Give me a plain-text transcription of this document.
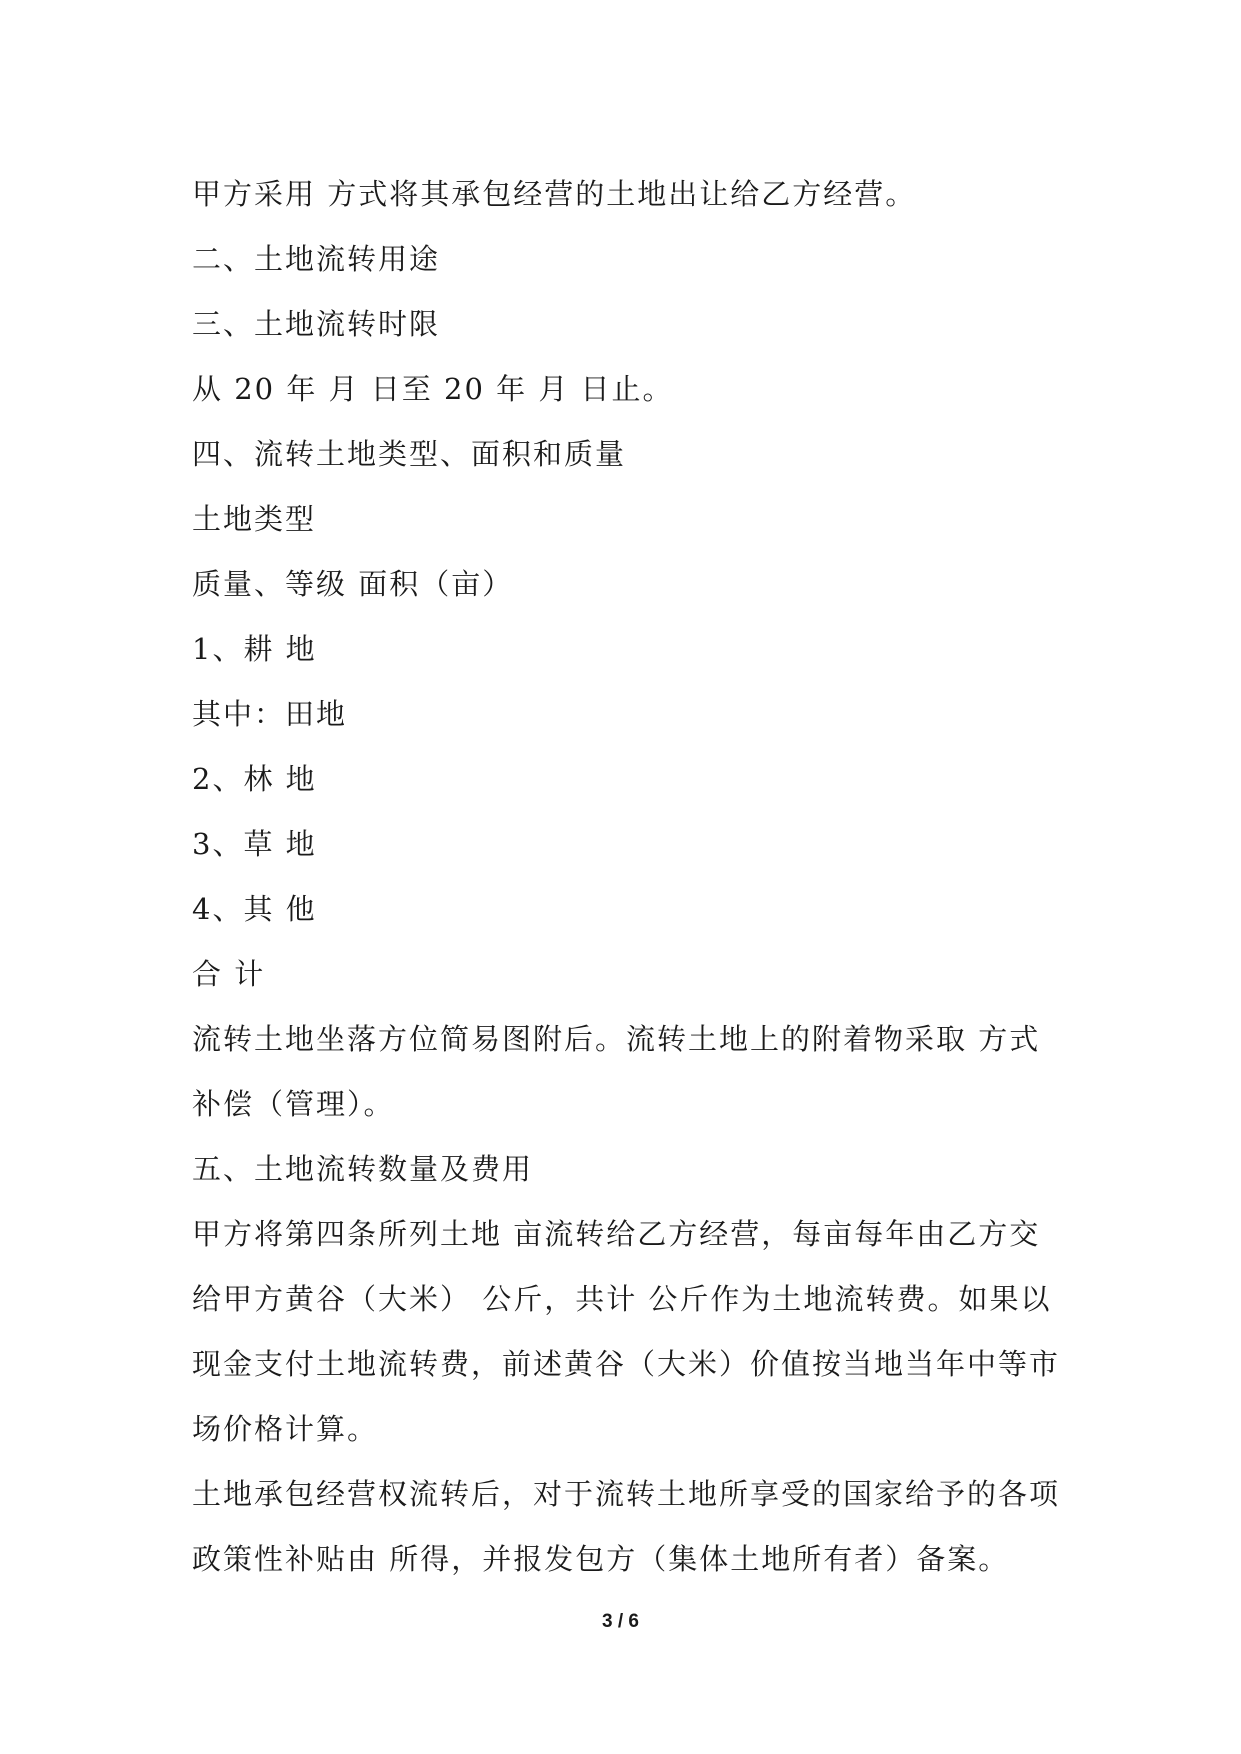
甲方采用 方式将其承包经营的土地出让给乙方经营。
二、土地流转用途
三、土地流转时限
从 20 年 月 日至 20 年 月 日止。
四、流转土地类型、面积和质量
土地类型
质量、等级 面积（亩）
1、耕 地
其中：田地
2、林 地
3、草 地
4、其 他
合 计
流转土地坐落方位简易图附后。流转土地上的附着物采取 方式
补偿（管理）。
五、土地流转数量及费用
甲方将第四条所列土地 亩流转给乙方经营，每亩每年由乙方交
给甲方黄谷（大米） 公斤，共计 公斤作为土地流转费。如果以
现金支付土地流转费，前述黄谷（大米）价值按当地当年中等市
场价格计算。
土地承包经营权流转后，对于流转土地所享受的国家给予的各项
政策性补贴由 所得，并报发包方（集体土地所有者）备案。
3 / 6
